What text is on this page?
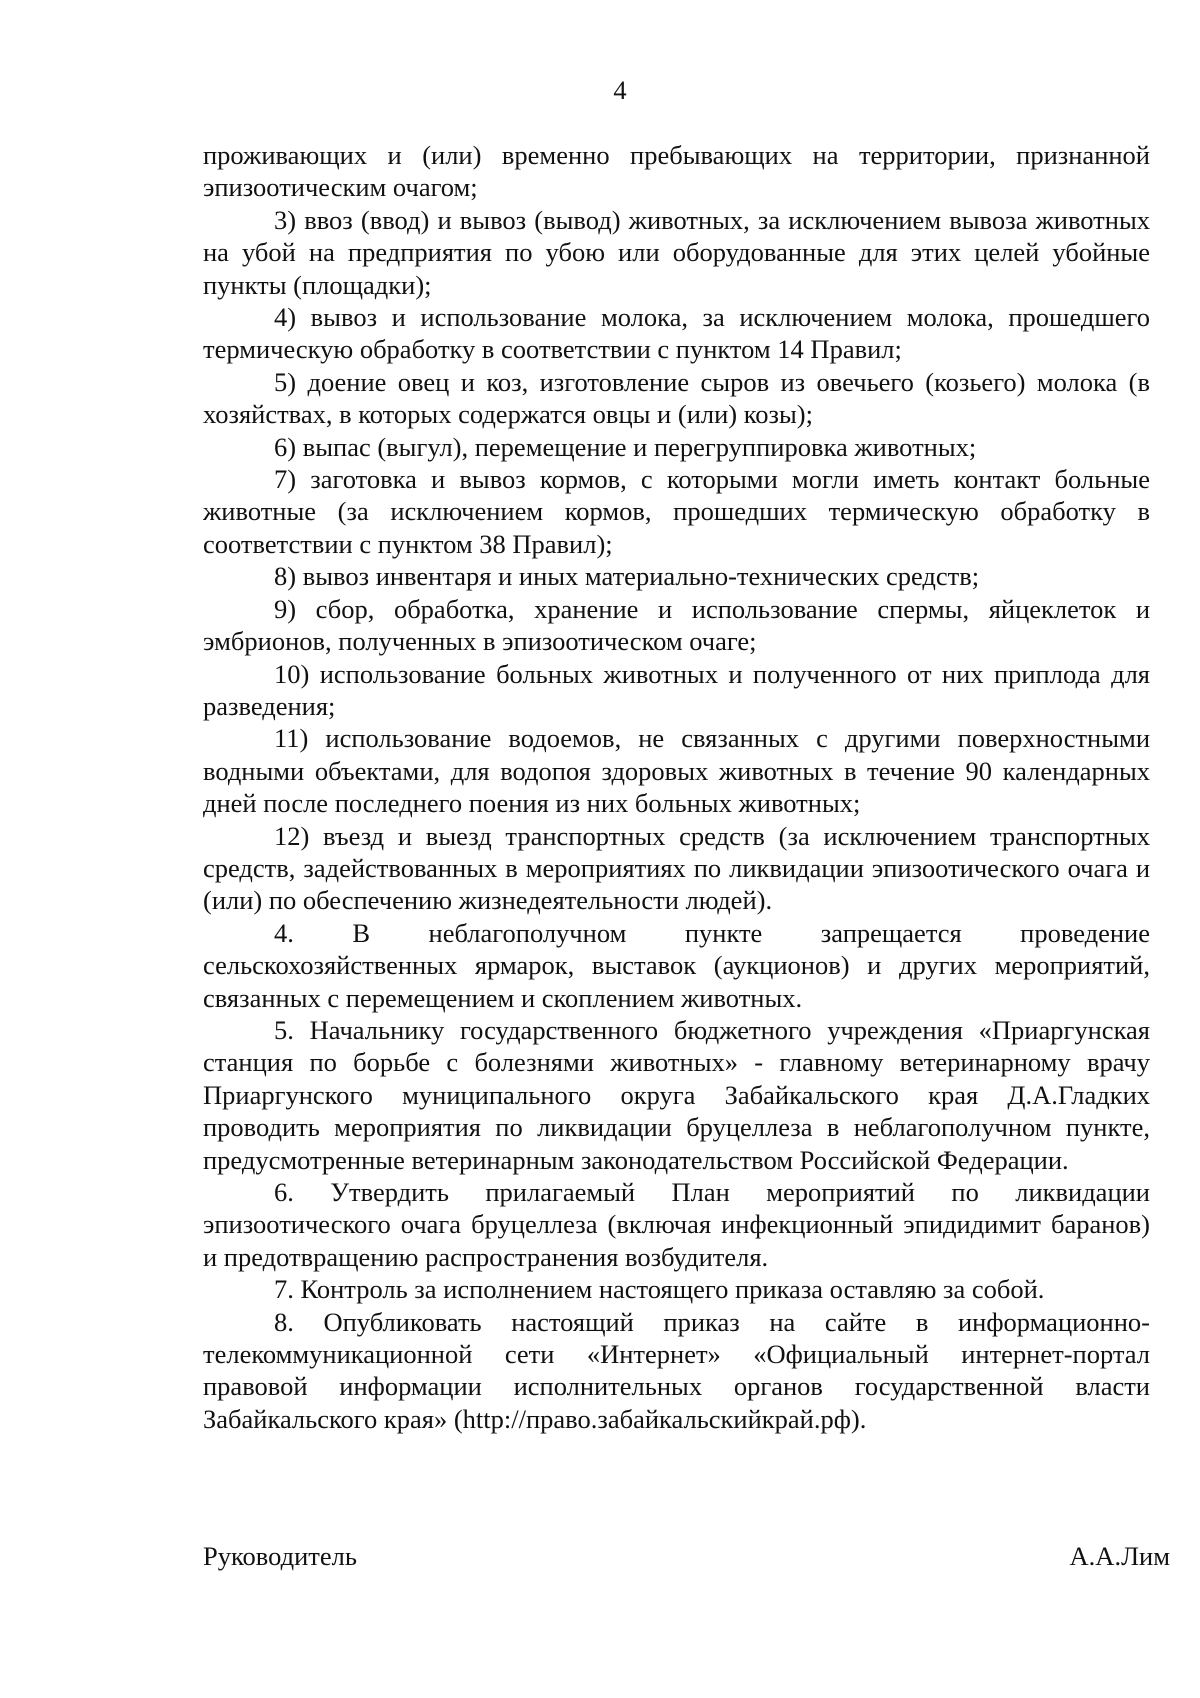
4

проживающих и (или) временно пребывающих на территории, признанной эпизоотическим очагом;

3) ввоз (ввод) и вывоз (вывод) животных, за исключением вывоза животных на убой на предприятия по убою или оборудованные для этих целей убойные пункты (площадки);

4) вывоз и использование молока, за исключением молока, прошедшего термическую обработку в соответствии с пунктом 14 Правил;

5) доение овец и коз, изготовление сыров из овечьего (козьего) молока (в хозяйствах, в которых содержатся овцы и (или) козы);

6) выпас (выгул), перемещение и перегруппировка животных;

7) заготовка и вывоз кормов, с которыми могли иметь контакт больные животные (за исключением кормов, прошедших термическую обработку в соответствии с пунктом 38 Правил);

8) вывоз инвентаря и иных материально-технических средств;

9) сбор, обработка, хранение и использование спермы, яйцеклеток и эмбрионов, полученных в эпизоотическом очаге;

10) использование больных животных и полученного от них приплода для разведения;

11) использование водоемов, не связанных с другими поверхностными водными объектами, для водопоя здоровых животных в течение 90 календарных дней после последнего поения из них больных животных;

12) въезд и выезд транспортных средств (за исключением транспортных средств, задействованных в мероприятиях по ликвидации эпизоотического очага и (или) по обеспечению жизнедеятельности людей).

4. В неблагополучном пункте запрещается проведение сельскохозяйственных ярмарок, выставок (аукционов) и других мероприятий, связанных с перемещением и скоплением животных.

5. Начальнику государственного бюджетного учреждения «Приаргунская станция по борьбе с болезнями животных» - главному ветеринарному врачу Приаргунского муниципального округа Забайкальского края Д.А.Гладких проводить мероприятия по ликвидации бруцеллеза в неблагополучном пункте, предусмотренные ветеринарным законодательством Российской Федерации.

6. Утвердить прилагаемый План мероприятий по ликвидации эпизоотического очага бруцеллеза (включая инфекционный эпидидимит баранов) и предотвращению распространения возбудителя.

7. Контроль за исполнением настоящего приказа оставляю за собой.

8. Опубликовать настоящий приказ на сайте в информационно-телекоммуникационной сети «Интернет» «Официальный интернет-портал правовой информации исполнительных органов государственной власти Забайкальского края» (http://право.забайкальскийкрай.рф).

Руководитель	А.А.Лим
